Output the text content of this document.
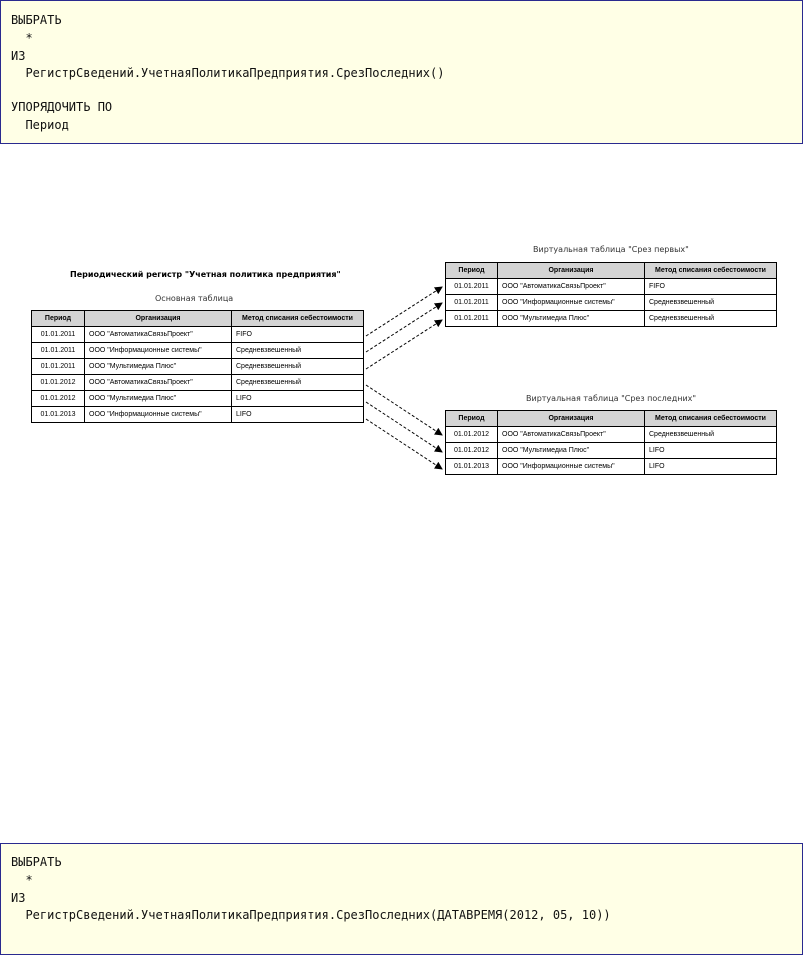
ВЫБРАТЬ
*
ИЗ
РегистрСведений.УчетнаяПолитикаПредприятия.СрезПоследних()
УПОРЯДОЧИТЬ ПО
Период
Периодический регистр "Учетная политика предприятия"
Основная таблица
Виртуальная таблица "Срез первых"
Виртуальная таблица "Срез последних"
Период	Организация	Метод списания себестоимости
01.01.2011	ООО "АвтоматикаСвязьПроект"	FIFO
01.01.2011	ООО "Информационные системы"	Средневзвешенный
01.01.2011	ООО "Мультимедиа Плюс"	Средневзвешенный
01.01.2012	ООО "АвтоматикаСвязьПроект"	Средневзвешенный
01.01.2012	ООО "Мультимедиа Плюс"	LIFO
01.01.2013	ООО "Информационные системы"	LIFO
Период	Организация	Метод списания себестоимости
01.01.2011	ООО "АвтоматикаСвязьПроект"	FIFO
01.01.2011	ООО "Информационные системы"	Средневзвешенный
01.01.2011	ООО "Мультимедиа Плюс"	Средневзвешенный
Период	Организация	Метод списания себестоимости
01.01.2012	ООО "АвтоматикаСвязьПроект"	Средневзвешенный
01.01.2012	ООО "Мультимедиа Плюс"	LIFO
01.01.2013	ООО "Информационные системы"	LIFO
ВЫБРАТЬ
*
ИЗ
РегистрСведений.УчетнаяПолитикаПредприятия.СрезПоследних(ДАТАВРЕМЯ(2012, 05, 10))
